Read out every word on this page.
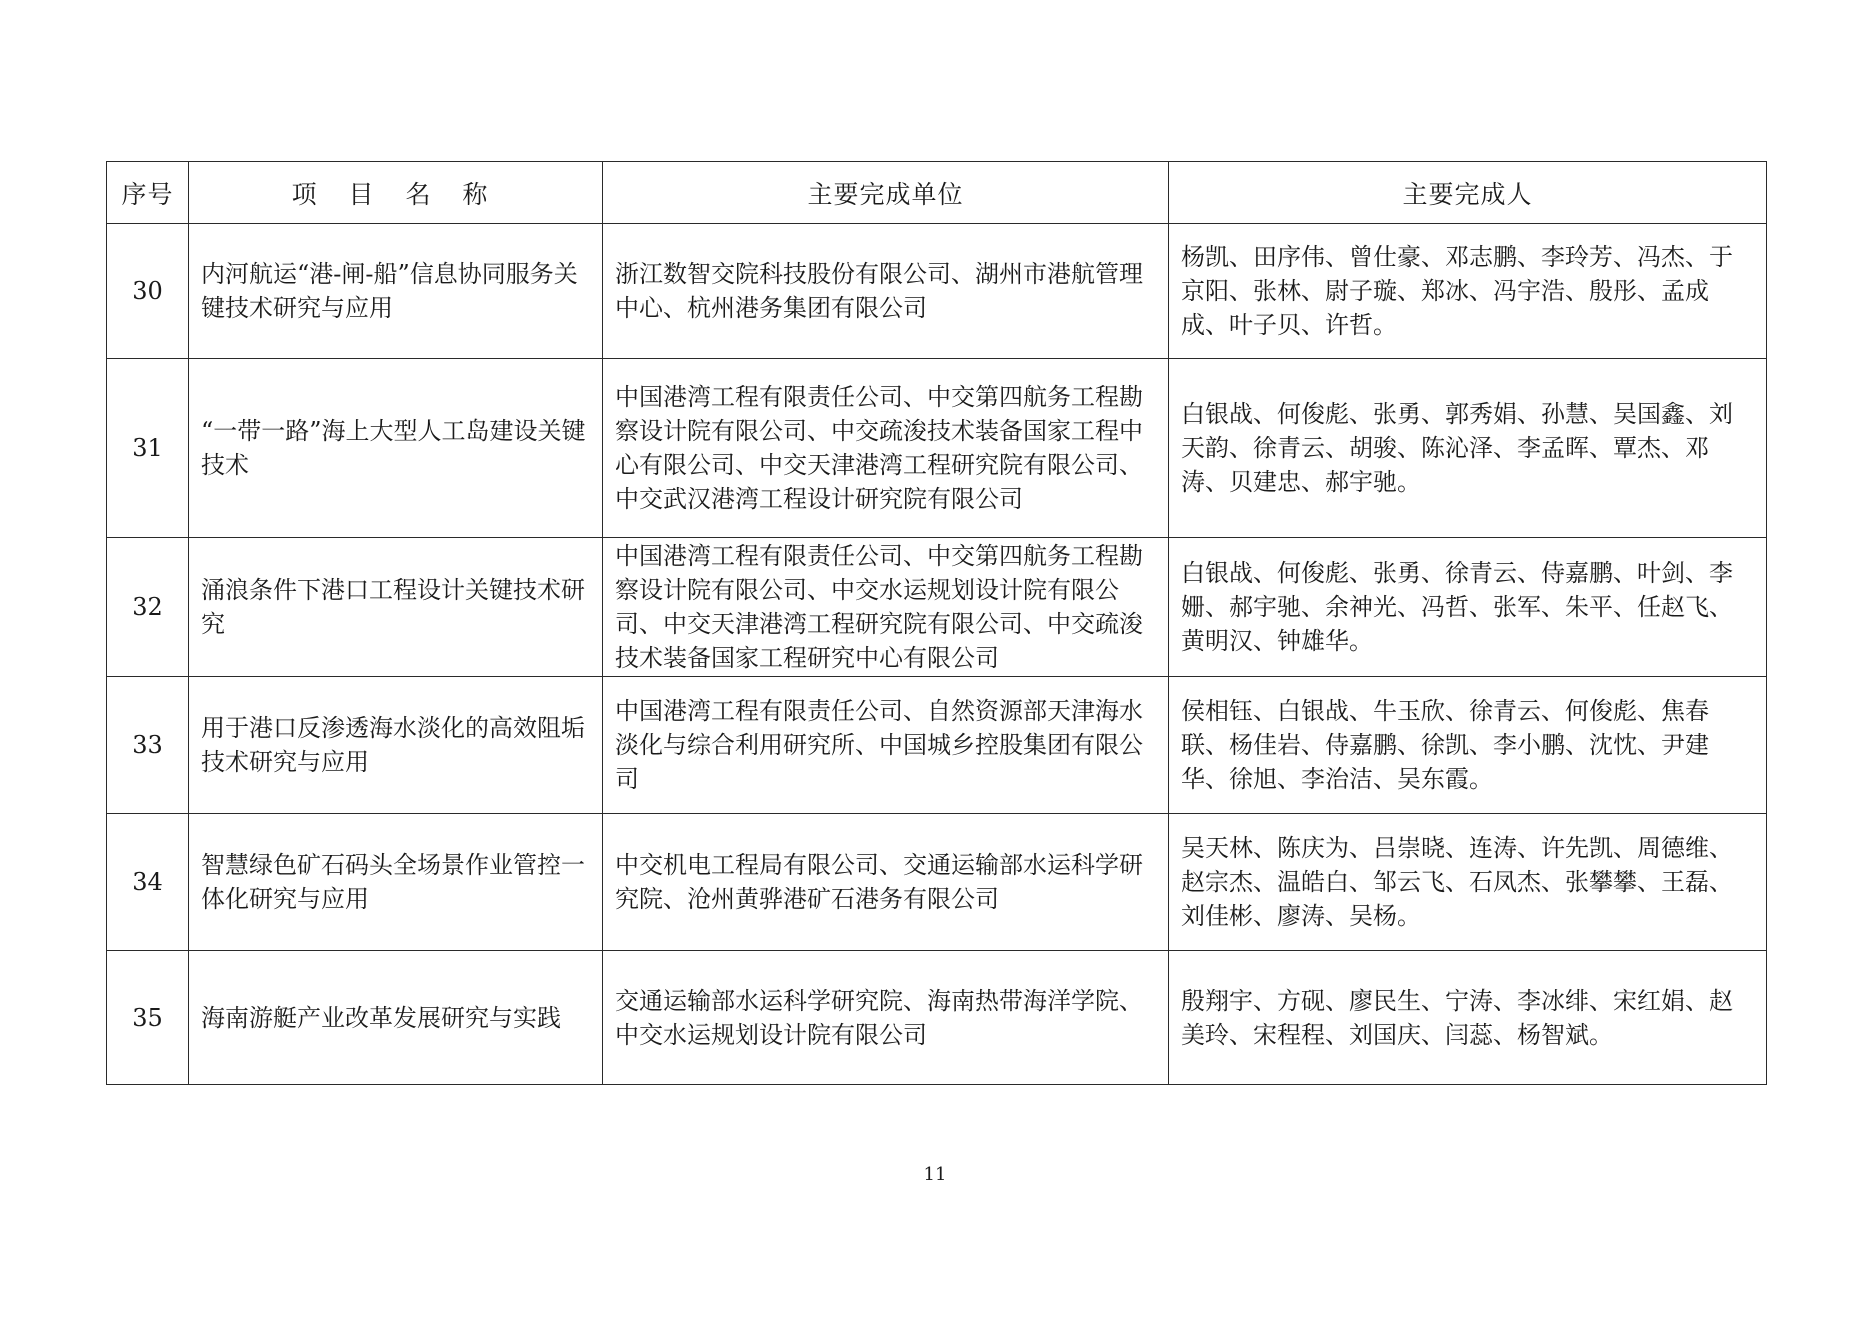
序号	项 目 名 称	主要完成单位	主要完成人
30	内河航运“港-闸-船”信息协同服务关键技术研究与应用	浙江数智交院科技股份有限公司、湖州市港航管理中心、杭州港务集团有限公司	杨凯、田序伟、曾仕豪、邓志鹏、李玲芳、冯杰、于京阳、张林、尉子璇、郑冰、冯宇浩、殷彤、孟成成、叶子贝、许哲。
31	“一带一路”海上大型人工岛建设关键技术	中国港湾工程有限责任公司、中交第四航务工程勘察设计院有限公司、中交疏浚技术装备国家工程中心有限公司、中交天津港湾工程研究院有限公司、中交武汉港湾工程设计研究院有限公司	白银战、何俊彪、张勇、郭秀娟、孙慧、吴国鑫、刘天韵、徐青云、胡骏、陈沁泽、李孟晖、覃杰、邓涛、贝建忠、郝宇驰。
32	涌浪条件下港口工程设计关键技术研究	中国港湾工程有限责任公司、中交第四航务工程勘察设计院有限公司、中交水运规划设计院有限公司、中交天津港湾工程研究院有限公司、中交疏浚技术装备国家工程研究中心有限公司	白银战、何俊彪、张勇、徐青云、侍嘉鹏、叶剑、李姗、郝宇驰、余神光、冯哲、张军、朱平、任赵飞、黄明汉、钟雄华。
33	用于港口反渗透海水淡化的高效阻垢技术研究与应用	中国港湾工程有限责任公司、自然资源部天津海水淡化与综合利用研究所、中国城乡控股集团有限公司	侯相钰、白银战、牛玉欣、徐青云、何俊彪、焦春联、杨佳岩、侍嘉鹏、徐凯、李小鹏、沈忱、尹建华、徐旭、李治洁、吴东霞。
34	智慧绿色矿石码头全场景作业管控一体化研究与应用	中交机电工程局有限公司、交通运输部水运科学研究院、沧州黄骅港矿石港务有限公司	吴天林、陈庆为、吕崇晓、连涛、许先凯、周德维、赵宗杰、温皓白、邹云飞、石凤杰、张攀攀、王磊、刘佳彬、廖涛、吴杨。
35	海南游艇产业改革发展研究与实践	交通运输部水运科学研究院、海南热带海洋学院、中交水运规划设计院有限公司	殷翔宇、方砚、廖民生、宁涛、李冰绯、宋红娟、赵美玲、宋程程、刘国庆、闫蕊、杨智斌。
11
